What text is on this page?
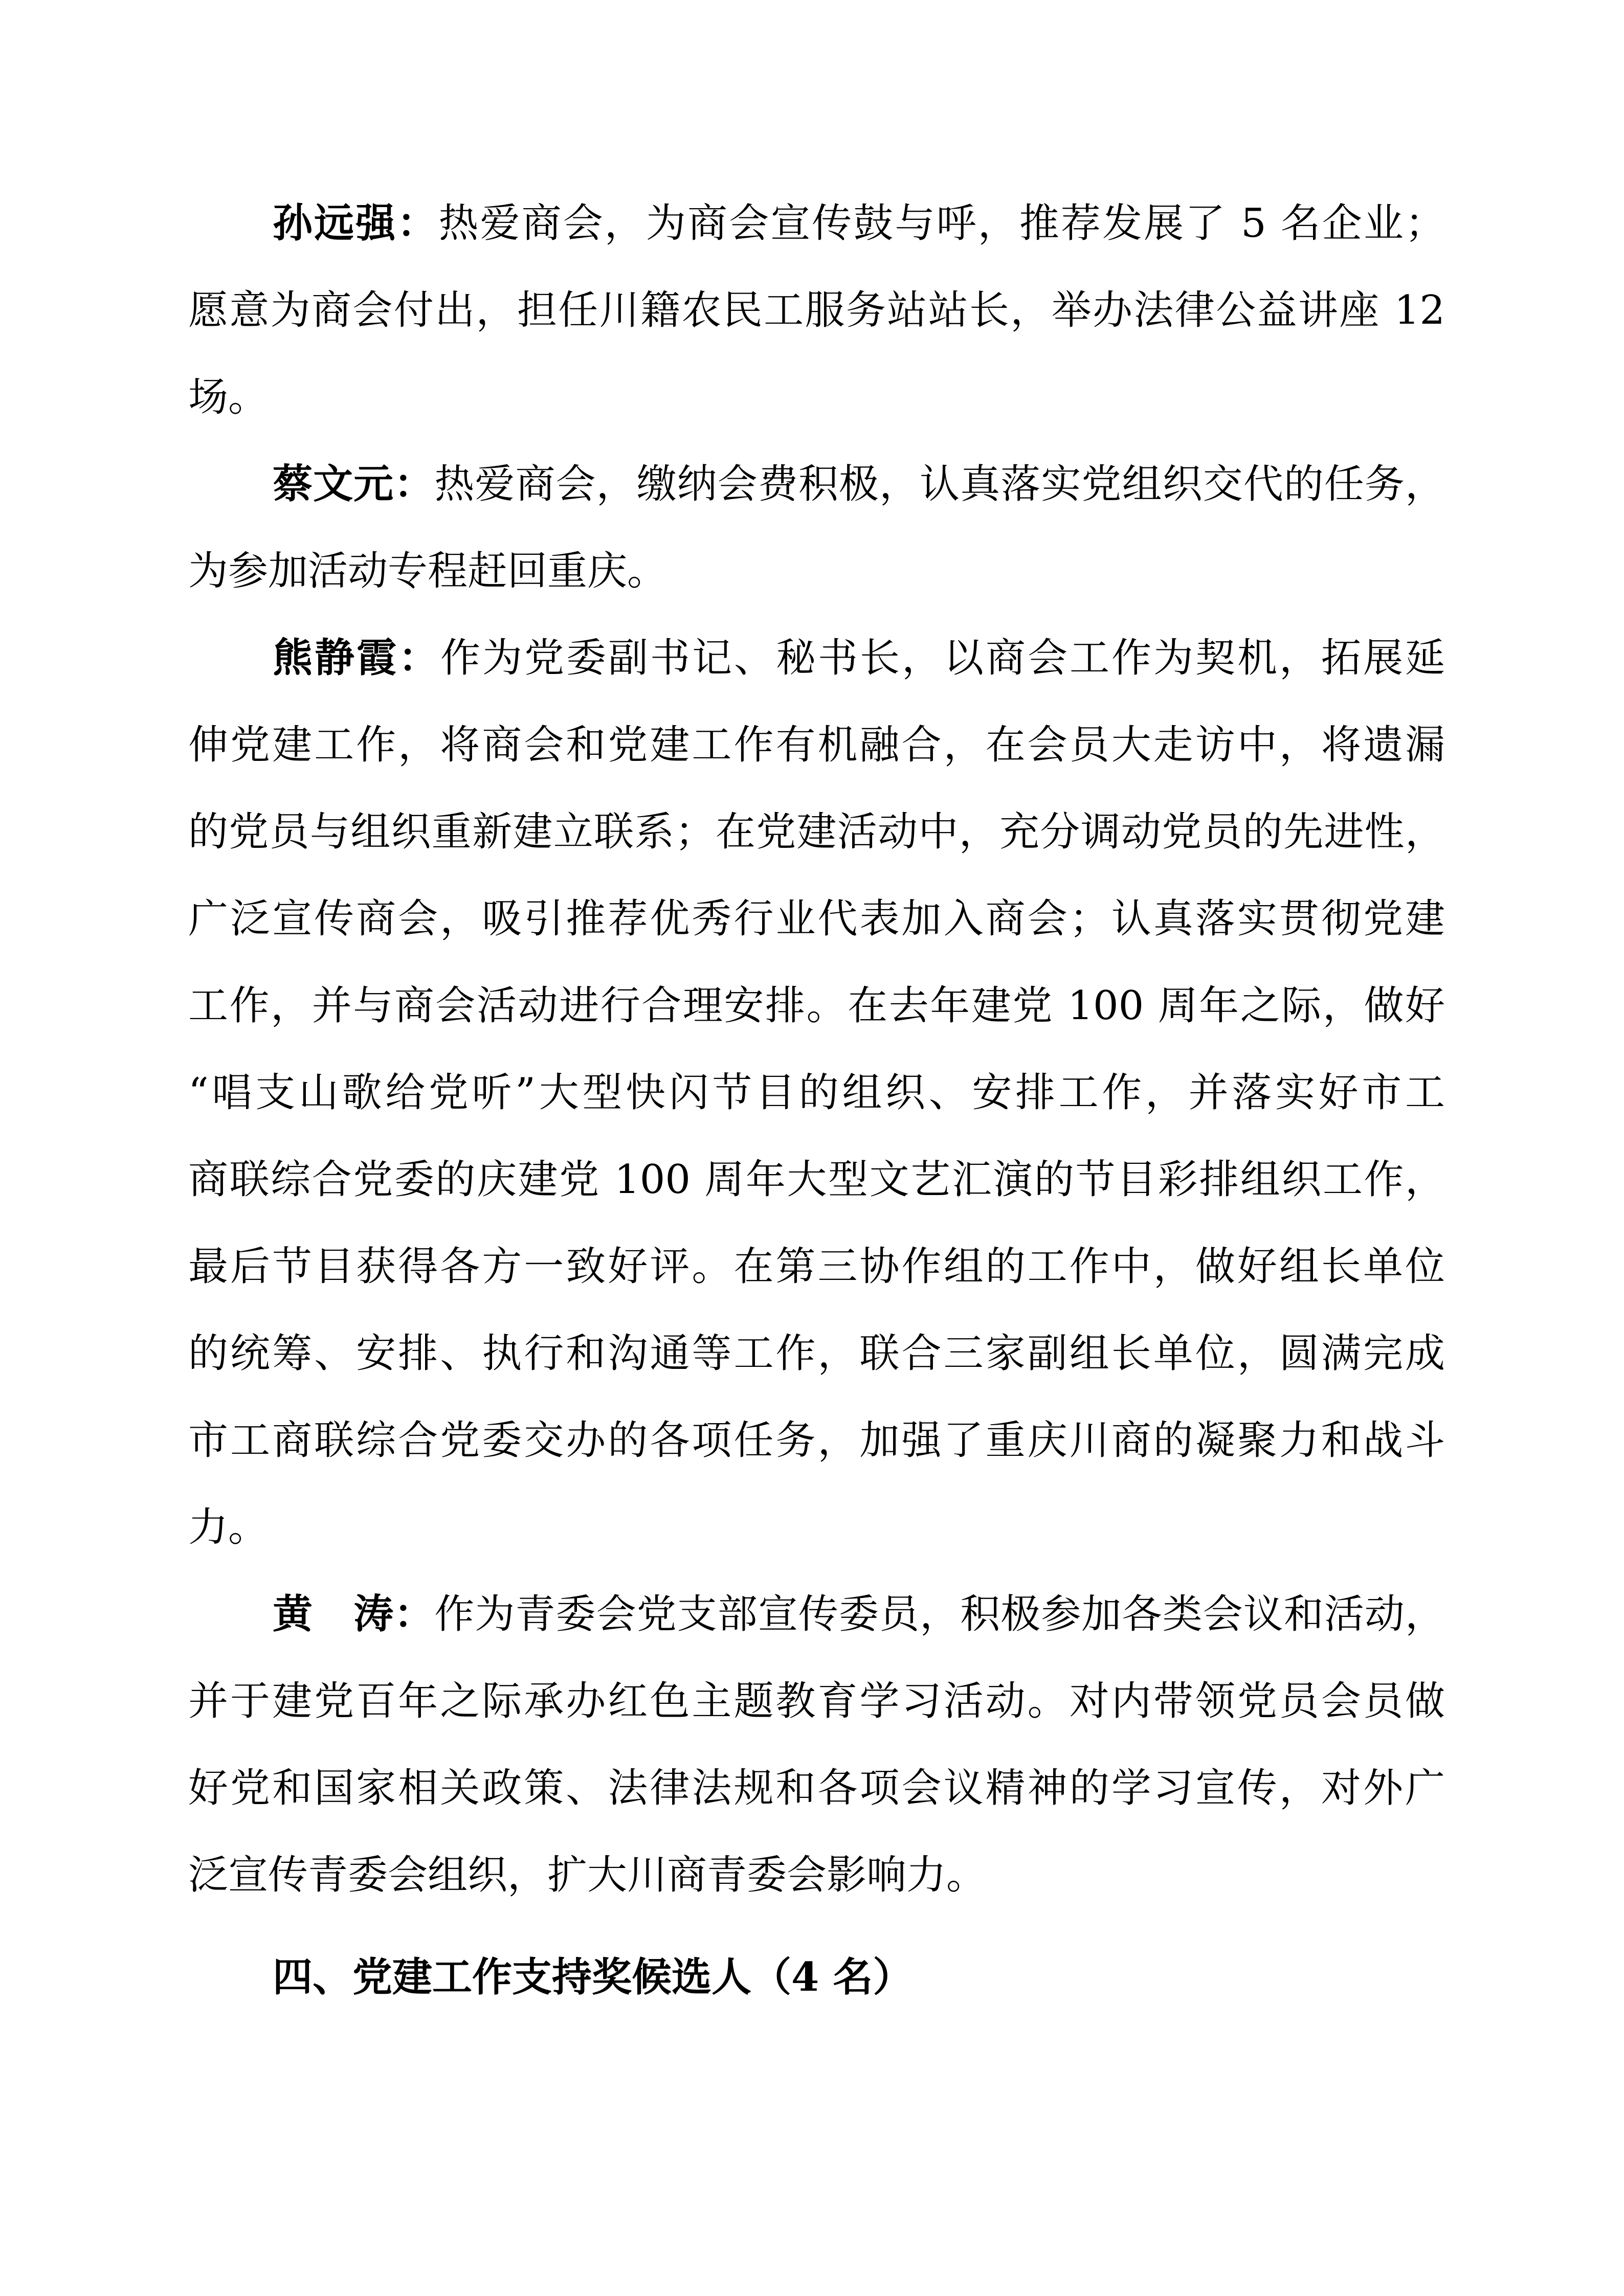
孙远强：热爱商会，为商会宣传鼓与呼，推荐发展了 5 名企业；
愿意为商会付出，担任川籍农民工服务站站长，举办法律公益讲座 12
场。

蔡文元：热爱商会，缴纳会费积极，认真落实党组织交代的任务，
为参加活动专程赶回重庆。

熊静霞：作为党委副书记、秘书长，以商会工作为契机，拓展延
伸党建工作，将商会和党建工作有机融合，在会员大走访中，将遗漏
的党员与组织重新建立联系；在党建活动中，充分调动党员的先进性，
广泛宣传商会，吸引推荐优秀行业代表加入商会；认真落实贯彻党建
工作，并与商会活动进行合理安排。在去年建党 100 周年之际，做好
“唱支山歌给党听”大型快闪节目的组织、安排工作，并落实好市工
商联综合党委的庆建党 100 周年大型文艺汇演的节目彩排组织工作，
最后节目获得各方一致好评。在第三协作组的工作中，做好组长单位
的统筹、安排、执行和沟通等工作，联合三家副组长单位，圆满完成
市工商联综合党委交办的各项任务，加强了重庆川商的凝聚力和战斗
力。

黄　涛：作为青委会党支部宣传委员，积极参加各类会议和活动，
并于建党百年之际承办红色主题教育学习活动。对内带领党员会员做
好党和国家相关政策、法律法规和各项会议精神的学习宣传，对外广
泛宣传青委会组织，扩大川商青委会影响力。

四、党建工作支持奖候选人（4 名）
